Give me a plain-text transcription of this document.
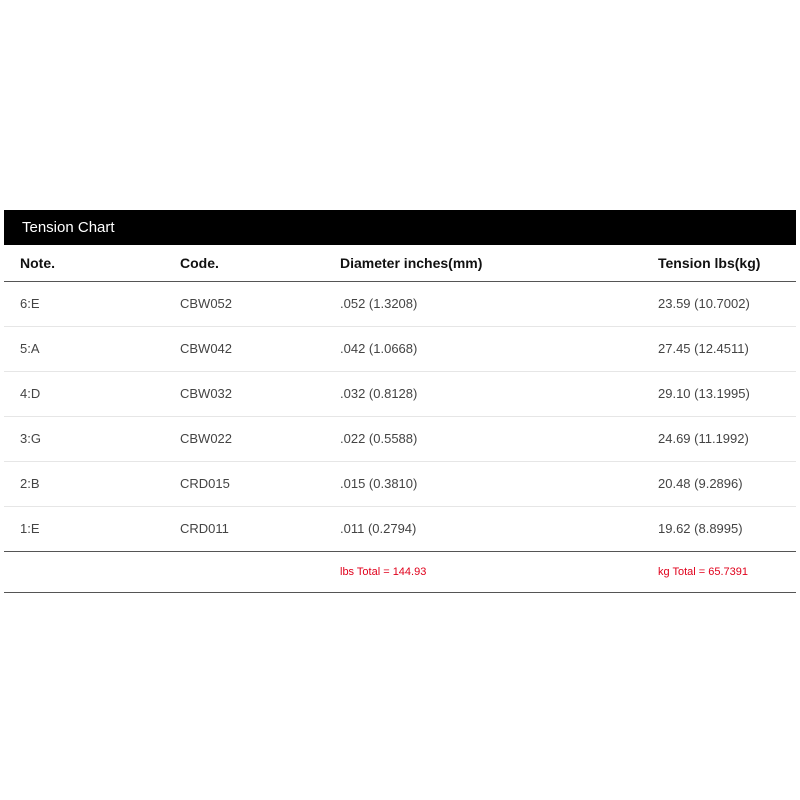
Tension Chart
Note.	Code.	Diameter inches(mm)	Tension lbs(kg)
6:E	CBW052	.052 (1.3208)	23.59 (10.7002)
5:A	CBW042	.042 (1.0668)	27.45 (12.4511)
4:D	CBW032	.032 (0.8128)	29.10 (13.1995)
3:G	CBW022	.022 (0.5588)	24.69 (11.1992)
2:B	CRD015	.015 (0.3810)	20.48 (9.2896)
1:E	CRD011	.011 (0.2794)	19.62 (8.8995)
		lbs Total = 144.93	kg Total = 65.7391
